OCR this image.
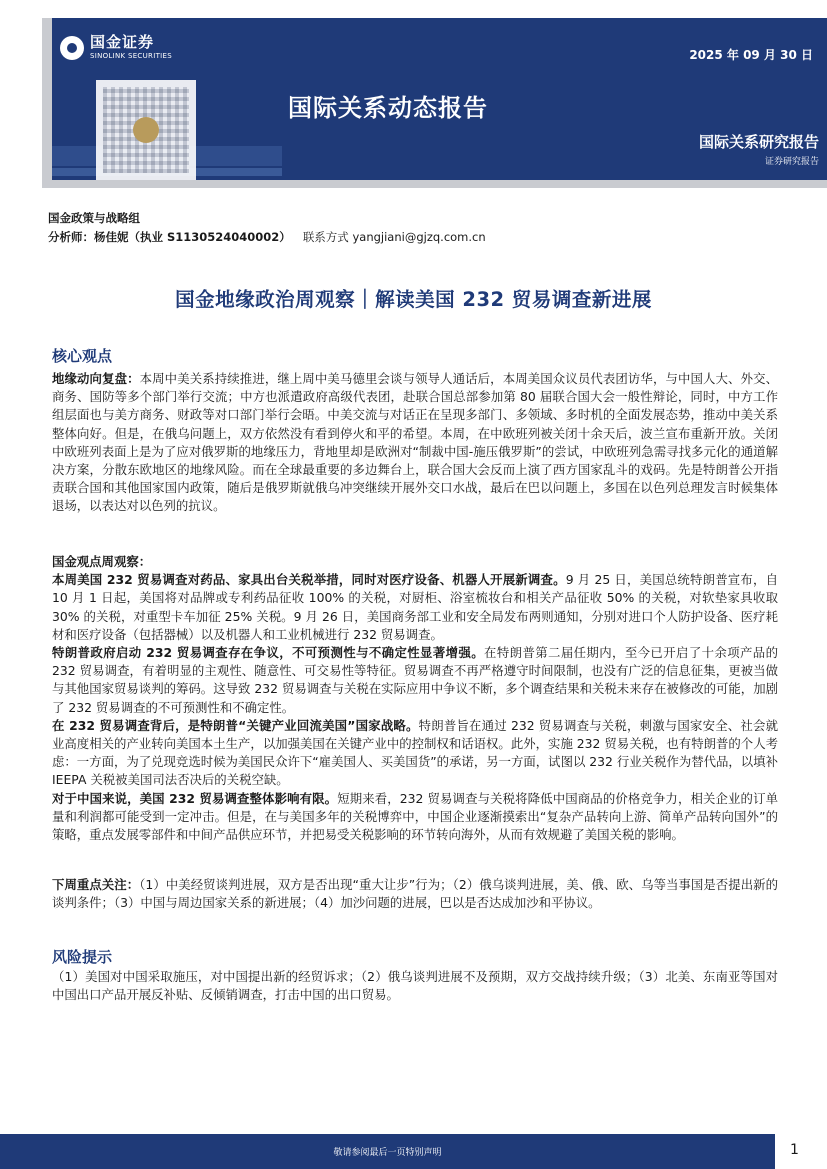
国金证券
SINOLINK SECURITIES	2025 年 09 月 30 日
国际关系动态报告
国际关系研究报告
证券研究报告
国金政策与战略组
分析师：杨佳妮（执业 S1130524040002） 联系方式 yangjiani@gjzq.com.cn
国金地缘政治周观察｜解读美国 232 贸易调查新进展
核心观点

地缘动向复盘：本周中美关系持续推进，继上周中美马德里会谈与领导人通话后，本周美国众议员代表团访华，与中国人大、外交、商务、国防等多个部门举行交流；中方也派遣政府高级代表团，赴联合国总部参加第 80 届联合国大会一般性辩论，同时，中方工作组层面也与美方商务、财政等对口部门举行会晤。中美交流与对话正在呈现多部门、多领域、多时机的全面发展态势，推动中美关系整体向好。但是，在俄乌问题上，双方依然没有看到停火和平的希望。本周，在中欧班列被关闭十余天后，波兰宣布重新开放。关闭中欧班列表面上是为了应对俄罗斯的地缘压力，背地里却是欧洲对“制裁中国-施压俄罗斯”的尝试，中欧班列急需寻找多元化的通道解决方案，分散东欧地区的地缘风险。而在全球最重要的多边舞台上，联合国大会反而上演了西方国家乱斗的戏码。先是特朗普公开指责联合国和其他国家国内政策，随后是俄罗斯就俄乌冲突继续开展外交口水战，最后在巴以问题上，多国在以色列总理发言时候集体退场，以表达对以色列的抗议。

国金观点周观察：

本周美国 232 贸易调查对药品、家具出台关税举措，同时对医疗设备、机器人开展新调查。9 月 25 日，美国总统特朗普宣布，自 10 月 1 日起，美国将对品牌或专利药品征收 100% 的关税，对厨柜、浴室梳妆台和相关产品征收 50% 的关税，对软垫家具收取 30% 的关税，对重型卡车加征 25% 关税。9 月 26 日，美国商务部工业和安全局发布两则通知，分别对进口个人防护设备、医疗耗材和医疗设备（包括器械）以及机器人和工业机械进行 232 贸易调查。

特朗普政府启动 232 贸易调查存在争议，不可预测性与不确定性显著增强。在特朗普第二届任期内，至今已开启了十余项产品的 232 贸易调查，有着明显的主观性、随意性、可交易性等特征。贸易调查不再严格遵守时间限制，也没有广泛的信息征集，更被当做与其他国家贸易谈判的筹码。这导致 232 贸易调查与关税在实际应用中争议不断，多个调查结果和关税未来存在被修改的可能，加剧了 232 贸易调查的不可预测性和不确定性。

在 232 贸易调查背后，是特朗普“关键产业回流美国”国家战略。特朗普旨在通过 232 贸易调查与关税，刺激与国家安全、社会就业高度相关的产业转向美国本土生产，以加强美国在关键产业中的控制权和话语权。此外，实施 232 贸易关税，也有特朗普的个人考虑：一方面，为了兑现竞选时候为美国民众许下“雇美国人、买美国货”的承诺，另一方面，试图以 232 行业关税作为替代品，以填补 IEEPA 关税被美国司法否决后的关税空缺。

对于中国来说，美国 232 贸易调查整体影响有限。短期来看，232 贸易调查与关税将降低中国商品的价格竞争力，相关企业的订单量和利润都可能受到一定冲击。但是，在与美国多年的关税博弈中，中国企业逐渐摸索出“复杂产品转向上游、简单产品转向国外”的策略，重点发展零部件和中间产品供应环节，并把易受关税影响的环节转向海外，从而有效规避了美国关税的影响。

下周重点关注：（1）中美经贸谈判进展，双方是否出现“重大让步”行为；（2）俄乌谈判进展，美、俄、欧、乌等当事国是否提出新的谈判条件；（3）中国与周边国家关系的新进展；（4）加沙问题的进展，巴以是否达成加沙和平协议。

风险提示

（1）美国对中国采取施压，对中国提出新的经贸诉求；（2）俄乌谈判进展不及预期，双方交战持续升级；（3）北美、东南亚等国对中国出口产品开展反补贴、反倾销调查，打击中国的出口贸易。

敬请参阅最后一页特别声明	1
